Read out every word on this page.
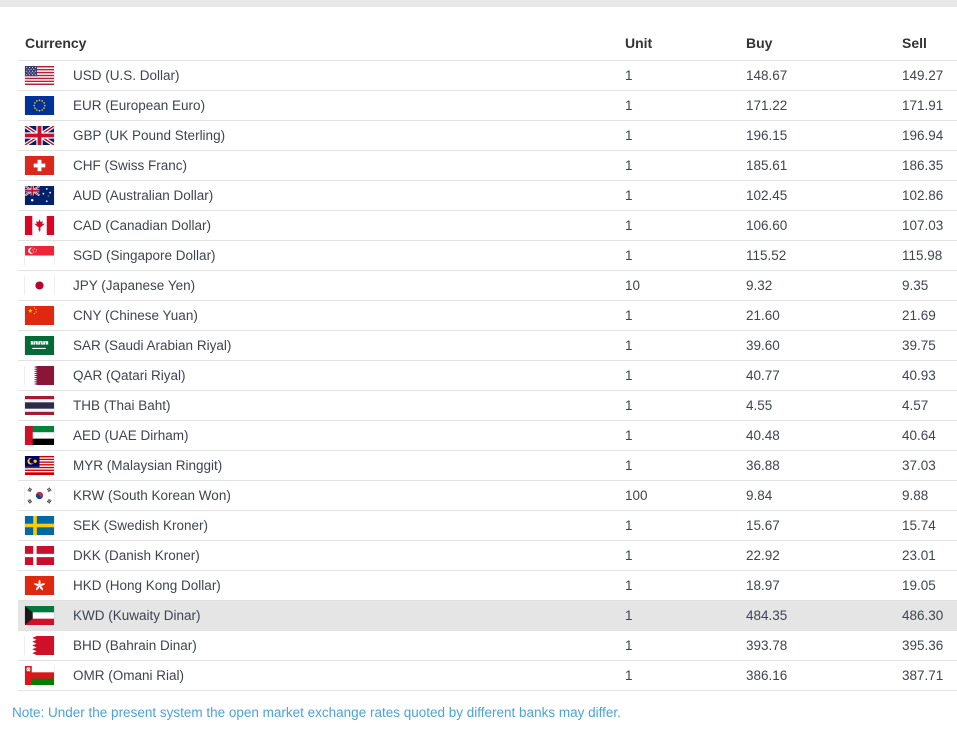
Currency	Unit	Buy	Sell
USD (U.S. Dollar)	1	148.67	149.27
EUR (European Euro)	1	171.22	171.91
GBP (UK Pound Sterling)	1	196.15	196.94
CHF (Swiss Franc)	1	185.61	186.35
AUD (Australian Dollar)	1	102.45	102.86
CAD (Canadian Dollar)	1	106.60	107.03
SGD (Singapore Dollar)	1	115.52	115.98
JPY (Japanese Yen)	10	9.32	9.35
CNY (Chinese Yuan)	1	21.60	21.69
SAR (Saudi Arabian Riyal)	1	39.60	39.75
QAR (Qatari Riyal)	1	40.77	40.93
THB (Thai Baht)	1	4.55	4.57
AED (UAE Dirham)	1	40.48	40.64
MYR (Malaysian Ringgit)	1	36.88	37.03
KRW (South Korean Won)	100	9.84	9.88
SEK (Swedish Kroner)	1	15.67	15.74
DKK (Danish Kroner)	1	22.92	23.01
HKD (Hong Kong Dollar)	1	18.97	19.05
KWD (Kuwaity Dinar)	1	484.35	486.30
BHD (Bahrain Dinar)	1	393.78	395.36
OMR (Omani Rial)	1	386.16	387.71
Note: Under the present system the open market exchange rates quoted by different banks may differ.
